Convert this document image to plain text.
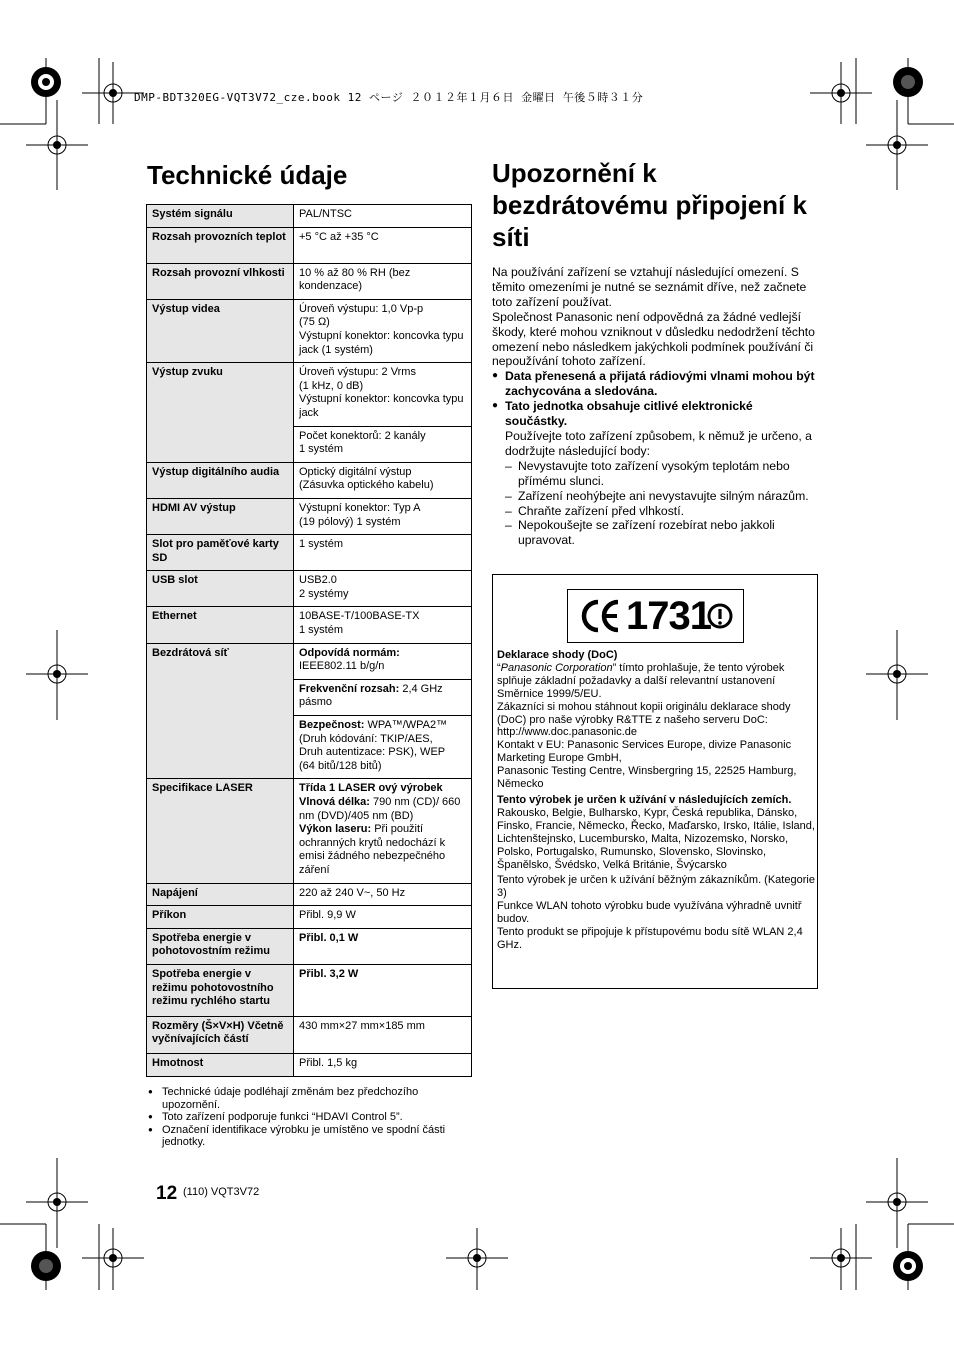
DMP-BDT320EG-VQT3V72_cze.book 12 ページ ２０１２年１月６日 金曜日 午後５時３１分
Technické údaje
Systém signálu	PAL/NTSC
Rozsah provozních teplot	+5 °C až +35 °C
Rozsah provozní vlhkosti	10 % až 80 % RH (bez kondenzace)
Výstup videa	Úroveň výstupu: 1,0 Vp-p
(75 Ω)
Výstupní konektor: koncovka typu jack (1 systém)

Výstup zvuku	Úroveň výstupu: 2 Vrms
(1 kHz, 0 dB)
Výstupní konektor: koncovka typu jack

	Počet konektorů: 2 kanály
1 systém

Výstup digitálního audia	Optický digitální výstup
(Zásuvka optického kabelu)

HDMI AV výstup	Výstupní konektor: Typ A
(19 pólový) 1 systém

Slot pro paměťové karty SD	1 systém
USB slot	USB2.0
2 systémy

Ethernet	10BASE-T/100BASE-TX
1 systém

Bezdrátová síť	Odpovídá normám:
IEEE802.11 b/g/n

	Frekvenční rozsah: 2,4 GHz pásmo
	Bezpečnost: WPA™/WPA2™
(Druh kódování: TKIP/AES,
Druh autentizace: PSK), WEP
(64 bitů/128 bitů)

Specifikace LASER	Třída 1 LASER ový výrobek
Vlnová délka: 790 nm (CD)/ 660 nm (DVD)/405 nm (BD)
Výkon laseru: Při použití ochranných krytů nedochází k emisi žádného nebezpečného záření

Napájení	220 až 240 V~, 50 Hz
Příkon	Přibl. 9,9 W
Spotřeba energie v pohotovostním režimu	Přibl. 0,1 W
Spotřeba energie v režimu pohotovostního režimu rychlého startu	Přibl. 3,2 W
Rozměry (Š×V×H) Včetně vyčnívajících částí	430 mm×27 mm×185 mm
Hmotnost	Přibl. 1,5 kg
● Technické údaje podléhají změnám bez předchozího upozornění.
● Toto zařízení podporuje funkci “HDAVI Control 5”.
● Označení identifikace výrobku je umístěno ve spodní části jednotky.
12 (110) VQT3V72
Upozornění k bezdrátovému připojení k síti

Na používání zařízení se vztahují následující omezení. S těmito omezeními je nutné se seznámit dříve, než začnete toto zařízení používat.

Společnost Panasonic není odpovědná za žádné vedlejší škody, které mohou vzniknout v důsledku nedodržení těchto omezení nebo následkem jakýchkoli podmínek používání či nepoužívání tohoto zařízení.

● Data přenesená a přijatá rádiovými vlnami mohou být zachycována a sledována.
● Tato jednotka obsahuje citlivé elektronické součástky.
Používejte toto zařízení způsobem, k němuž je určeno, a dodržujte následující body:
– Nevystavujte toto zařízení vysokým teplotám nebo přímému slunci.
– Zařízení neohýbejte ani nevystavujte silným nárazům.
– Chraňte zařízení před vlhkostí.
– Nepokoušejte se zařízení rozebírat nebo jakkoli upravovat.
1731

Deklarace shody (DoC)

“Panasonic Corporation” tímto prohlašuje, že tento výrobek splňuje základní požadavky a další relevantní ustanovení Směrnice 1999/5/EU.

Zákazníci si mohou stáhnout kopii originálu deklarace shody (DoC) pro naše výrobky R&TTE z našeho serveru DoC:

http://www.doc.panasonic.de

Kontakt v EU: Panasonic Services Europe, divize Panasonic Marketing Europe GmbH,

Panasonic Testing Centre, Winsbergring 15, 22525 Hamburg, Německo

Tento výrobek je určen k užívání v následujících zemích.

Rakousko, Belgie, Bulharsko, Kypr, Česká republika, Dánsko, Finsko, Francie, Německo, Řecko, Maďarsko, Irsko, Itálie, Island, Lichtenštejnsko, Lucembursko, Malta, Nizozemsko, Norsko, Polsko, Portugalsko, Rumunsko, Slovensko, Slovinsko, Španělsko, Švédsko, Velká Británie, Švýcarsko

Tento výrobek je určen k užívání běžným zákazníkům. (Kategorie 3)

Funkce WLAN tohoto výrobku bude využívána výhradně uvnitř budov.

Tento produkt se připojuje k přístupovému bodu sítě WLAN 2,4 GHz.
